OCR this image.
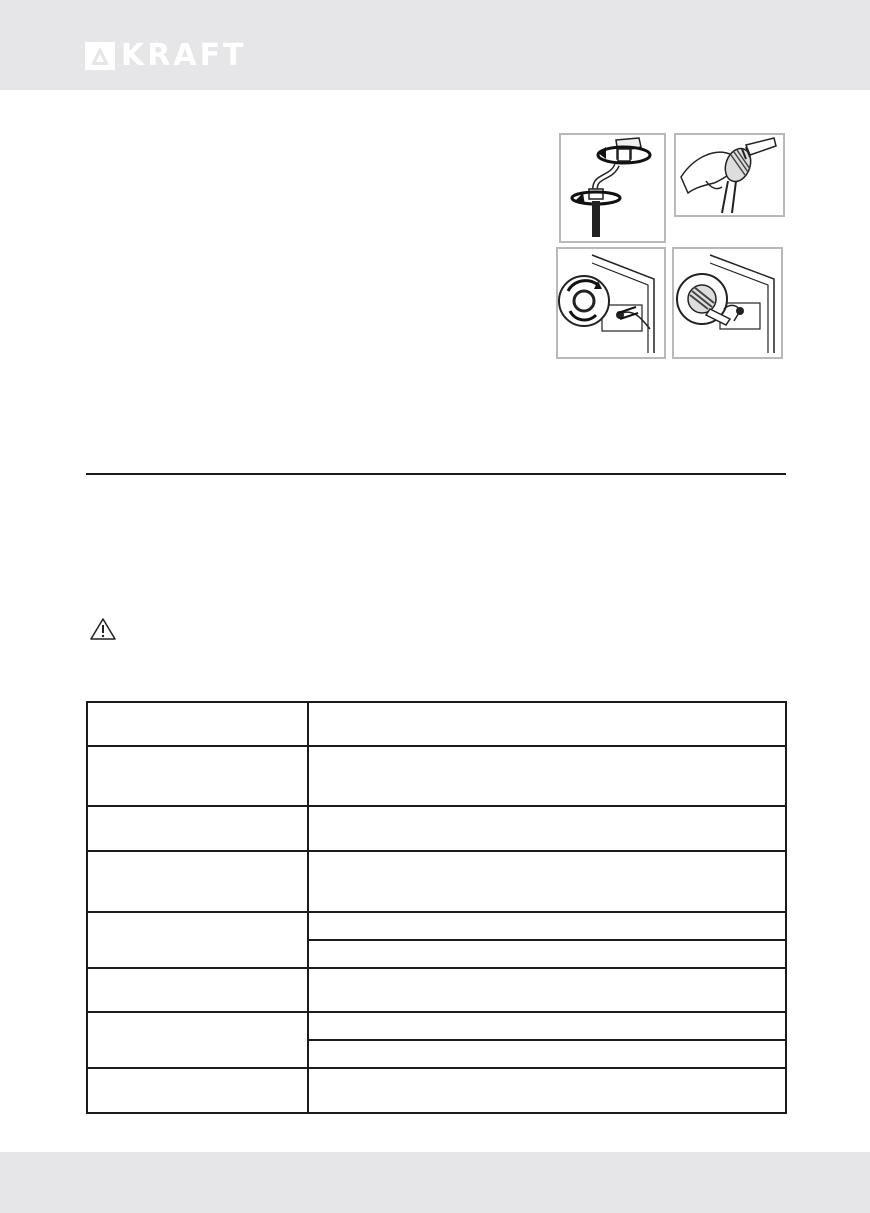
KRAFT
